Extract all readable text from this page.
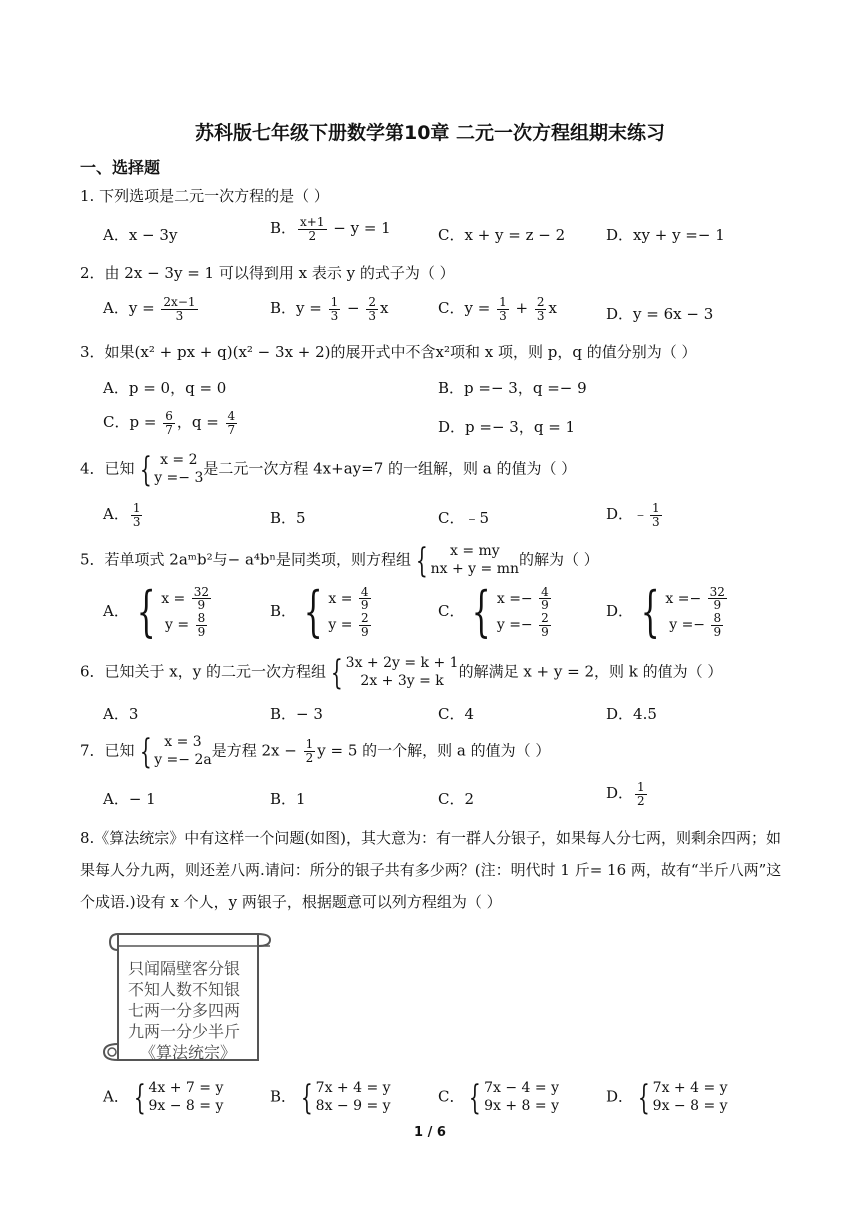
苏科版七年级下册数学第10章 二元一次方程组期末练习
一、选择题
1. 下列选项是二元一次方程的是（ ）
A．x − 3y	B． $\frac{x+1}{2} - y = 1$	C．x + y = z − 2	D．xy + y =− 1
2．由 2x − 3y = 1 可以得到用 x 表示 y 的式子为（ ）
A．$y = \frac{2x-1}{3}$	B．$y = \frac{1}{3} - \frac{2}{3}$ x	C．$y = \frac{1}{3} + \frac{2}{3}$ x	D．y = 6x − 3
3．如果(x² + px + q)(x² − 3x + 2)的展开式中不含x²项和 x 项，则 p，q 的值分别为（ ）
A．p = 0，q = 0	B．p =− 3，q =− 9
C．$p = \frac{6}{7}$ ，$q = \frac{4}{7}$	D．p =− 3，q = 1
4．已知 { x = 2
y =− 3 是二元一次方程 4x+ay=7 的一组解，则 a 的值为（ ）
A． $\frac{1}{3}$	B．5	C．﹣5	D．﹣ $\frac{1}{3}$
5．若单项式 2aᵐb²与− a⁴bⁿ是同类项，则方程组 {	x = my
nx + y = mn 的解为（ ）
A． { $x = \frac{32}{9}$
$y = \frac{8}{9}$
B． { $x = \frac{4}{9}$
$y = \frac{2}{9}$
C． { $x =- \frac{4}{9}$
$y =- \frac{2}{9}$
D． { $x =- \frac{32}{9}$
$y =- \frac{8}{9}$
6．已知关于 x，y 的二元一次方程组 { 3x + 2y = k + 1
2x + 3y = k 的解满足 x + y = 2，则 k 的值为（ ）
A．3	B．− 3	C．4	D．4.5
7．已知 { x = 3
y =− 2a 是方程 $2x - \frac{1}{2}$ y = 5 的一个解，则 a 的值为（ ）
A．− 1	B．1	C．2	D． $\frac{1}{2}$
8.《算法统宗》中有这样一个问题(如图)，其大意为：有一群人分银子，如果每人分七两，则剩余四两；如果每人分九两，则还差八两.请问：所分的银子共有多少两？(注：明代时 1 斤= 16 两，故有“半斤八两”这个成语.)设有 x 个人，y 两银子，根据题意可以列方程组为（ ）
只闻隔壁客分银
不知人数不知银
七两一分多四两
九两一分少半斤
《算法统宗》
A． { 4x + 7 = y
9x − 8 = y	B． { 7x + 4 = y
8x − 9 = y	C． { 7x − 4 = y
9x + 8 = y	D． { 7x + 4 = y
9x − 8 = y
1 / 6
